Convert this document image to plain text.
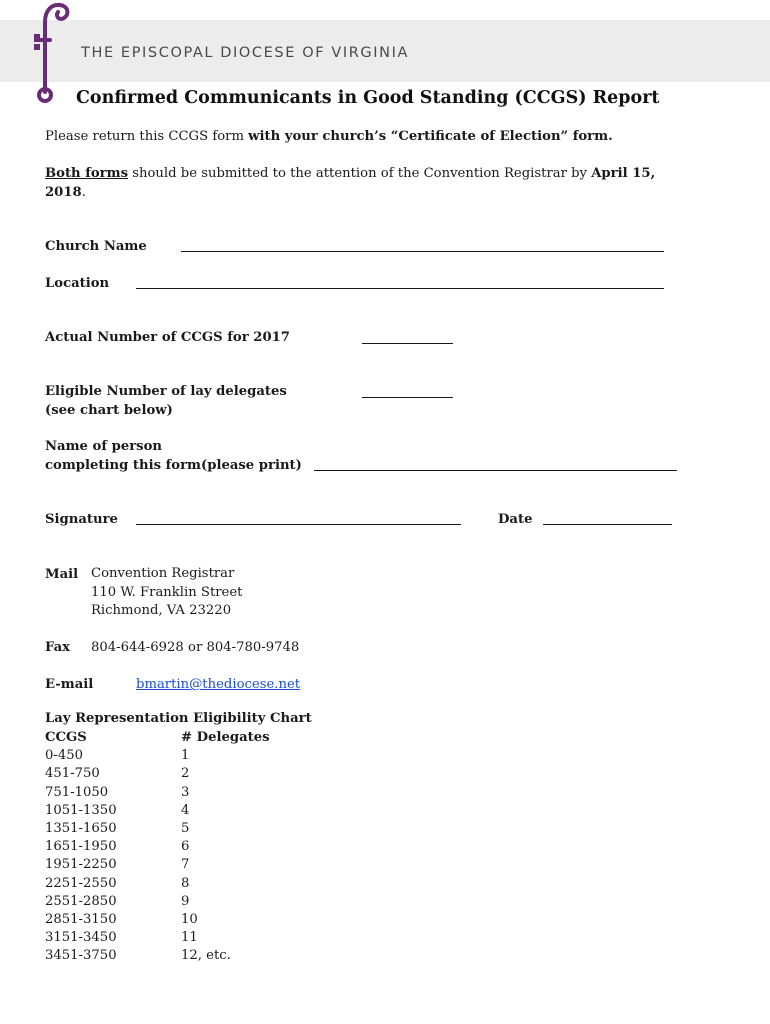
THE EPISCOPAL DIOCESE OF VIRGINIA
Confirmed Communicants in Good Standing (CCGS) Report
Please return this CCGS form with your church’s “Certificate of Election” form.
Both forms should be submitted to the attention of the Convention Registrar by April 15,
2018.
Church Name
Location
Actual Number of CCGS for 2017
Eligible Number of lay delegates
(see chart below)
Name of person
completing this form(please print)
Signature	Date
Mail Convention Registrar
110 W. Franklin Street
Richmond, VA 23220
Fax 804-644-6928 or 804-780-9748
E-mail	bmartin@thediocese.net
Lay Representation Eligibility Chart
CCGS	# Delegates
0-450	1
451-750	2
751-1050	3
1051-1350	4
1351-1650	5
1651-1950	6
1951-2250	7
2251-2550	8
2551-2850	9
2851-3150	10
3151-3450	11
3451-3750	12, etc.
